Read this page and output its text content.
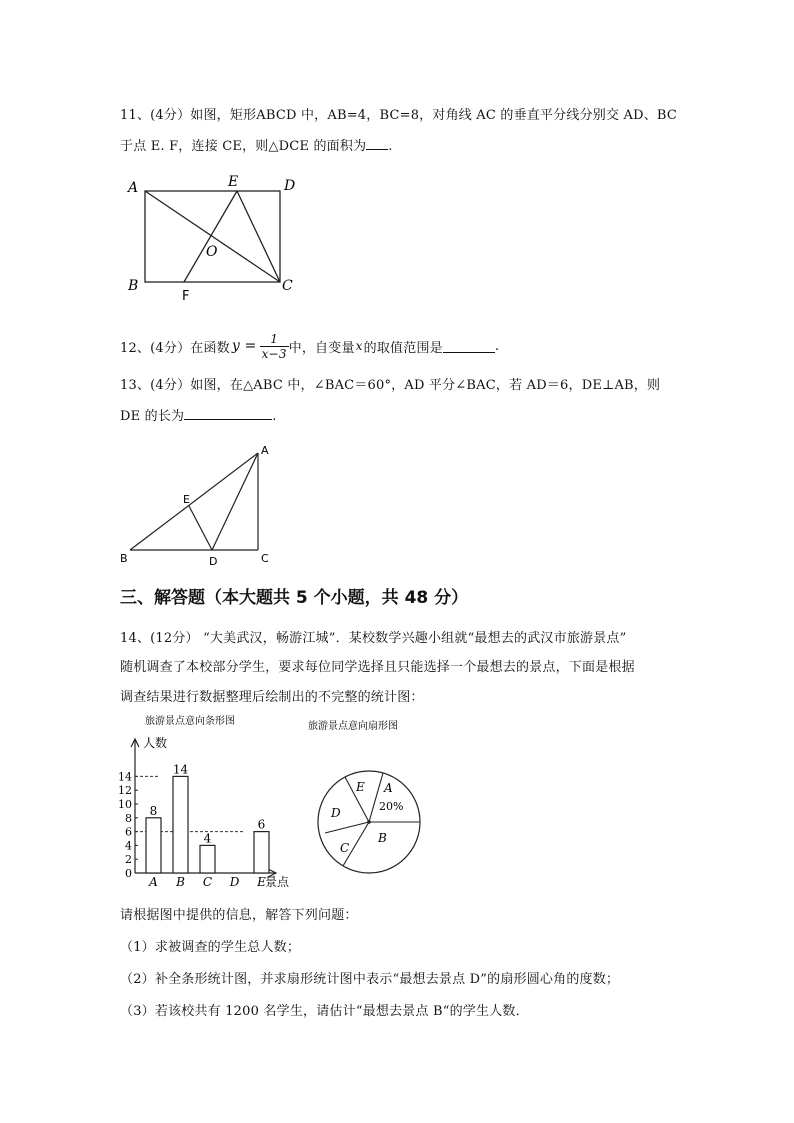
11、(4分）如图，矩形ABCD 中，AB=4，BC=8，对角线 AC 的垂直平分线分别交 AD、BC
于点 E. F，连接 CE，则△DCE 的面积为 .
A	E	D
B
F
C
O
12、(4分）在函数 $y = \frac{1}{x-3}$ 中，自变量 x 的取值范围是	.
13、(4分）如图，在△ABC 中，∠BAC＝60°，AD 平分∠BAC，若 AD＝6，DE⊥AB，则
DE 的长为	.
A
B	C
D
E
三、解答题（本大题共 5 个小题，共 48 分）
14、(12分） “大美武汉，畅游江城”．某校数学兴趣小组就“最想去的武汉市旅游景点”
随机调查了本校部分学生，要求每位同学选择且只能选择一个最想去的景点，下面是根据
调查结果进行数据整理后绘制出的不完整的统计图：
旅游景点意向条形图
人数
景点
0
2
4
6
8
10
12
14
8
A
14
B
4
C D
6
E
旅游景点意向扇形图
A
20%
B
C
D
E
请根据图中提供的信息，解答下列问题：
（1）求被调查的学生总人数；
（2）补全条形统计图，并求扇形统计图中表示“最想去景点 D”的扇形圆心角的度数；
（3）若该校共有 1200 名学生，请估计“最想去景点 B“的学生人数．
